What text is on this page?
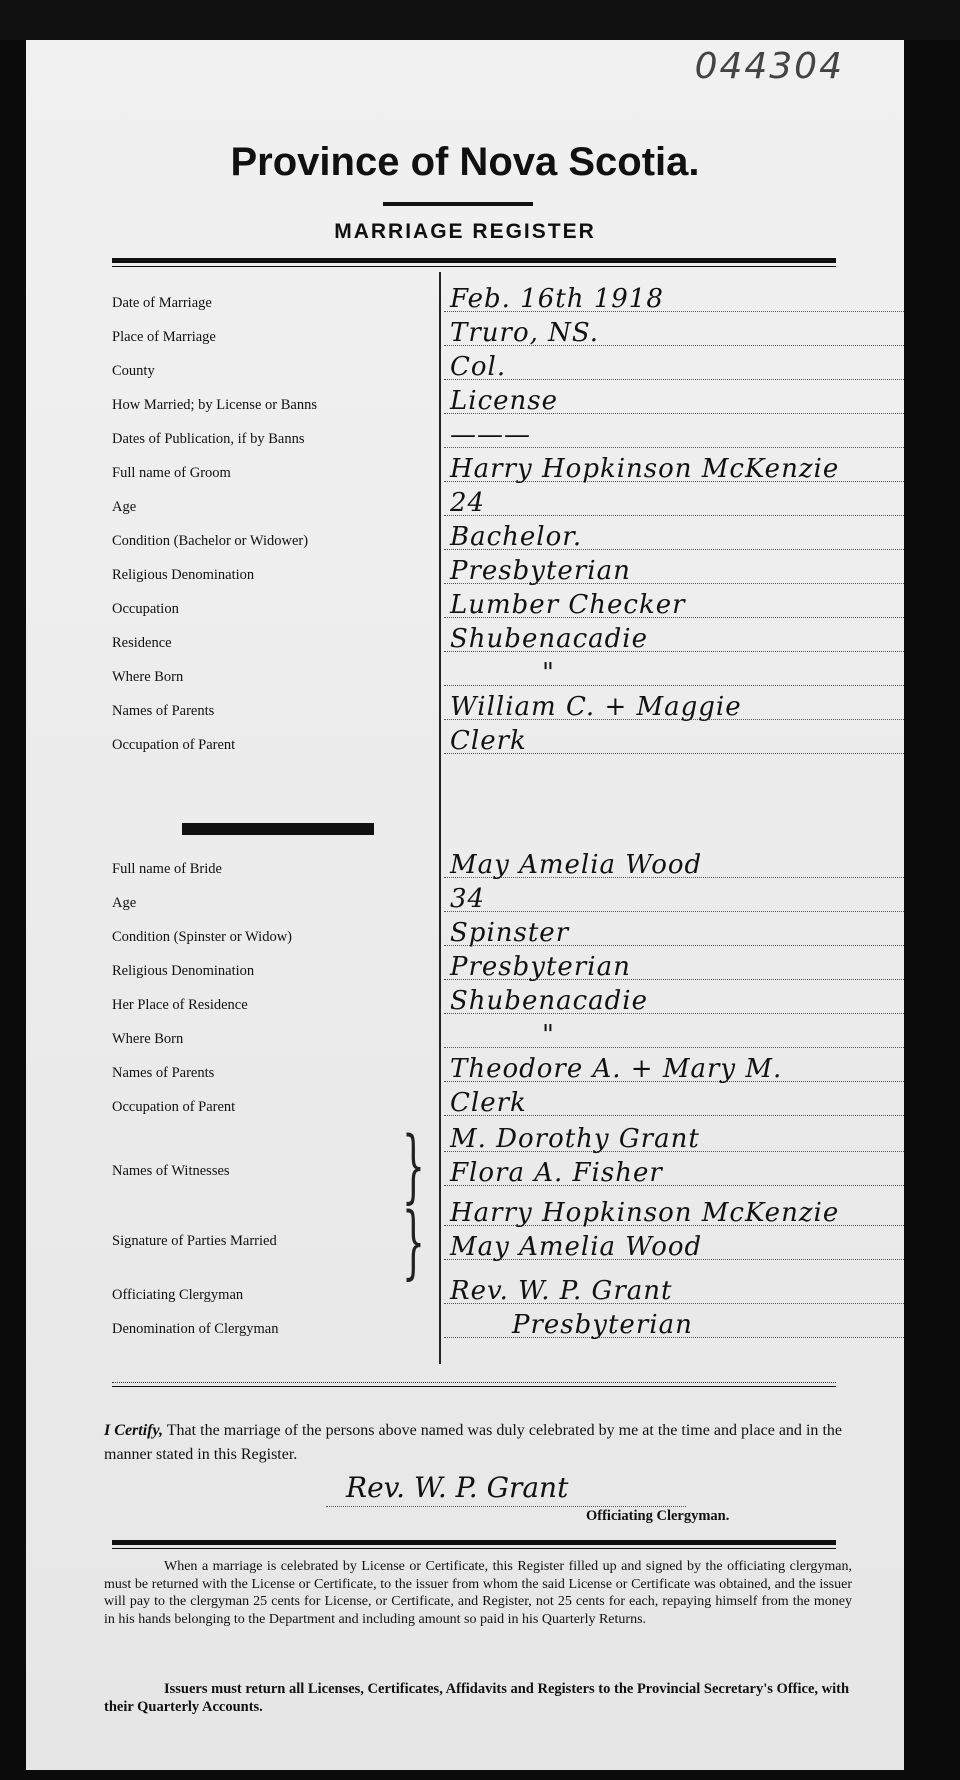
044304
Province of Nova Scotia.
MARRIAGE REGISTER
Date of Marriage	Feb. 16th 1918
Place of Marriage	Truro, NS.
County	Col.
How Married; by License or Banns	License
Dates of Publication, if by Banns	———
Full name of Groom	Harry Hopkinson McKenzie
Age	24
Condition (Bachelor or Widower)	Bachelor.
Religious Denomination	Presbyterian
Occupation	Lumber Checker
Residence	Shubenacadie
Where Born	"
Names of Parents	William C. + Maggie
Occupation of Parent	Clerk
Full name of Bride	May Amelia Wood
Age	34
Condition (Spinster or Widow)	Spinster
Religious Denomination	Presbyterian
Her Place of Residence	Shubenacadie
Where Born	"
Names of Parents	Theodore A. + Mary M.
Occupation of Parent	Clerk
M. Dorothy Grant
Names of Witnesses	Flora A. Fisher
}
Harry Hopkinson McKenzie
Signature of Parties Married	May Amelia Wood
}
Officiating Clergyman	Rev. W. P. Grant
Denomination of Clergyman	Presbyterian
I Certify, That the marriage of the persons above named was duly celebrated by me at the time and place and in the manner stated in this Register.
Rev. W. P. Grant
Officiating Clergyman.
When a marriage is celebrated by License or Certificate, this Register filled up and signed by the officiating clergyman, must be returned with the License or Certificate, to the issuer from whom the said License or Certificate was obtained, and the issuer will pay to the clergyman 25 cents for License, or Certificate, and Register, not 25 cents for each, repaying himself from the money in his hands belonging to the Department and including amount so paid in his Quarterly Returns.
Issuers must return all Licenses, Certificates, Affidavits and Registers to the Provincial Secretary's Office, with their Quarterly Accounts.
